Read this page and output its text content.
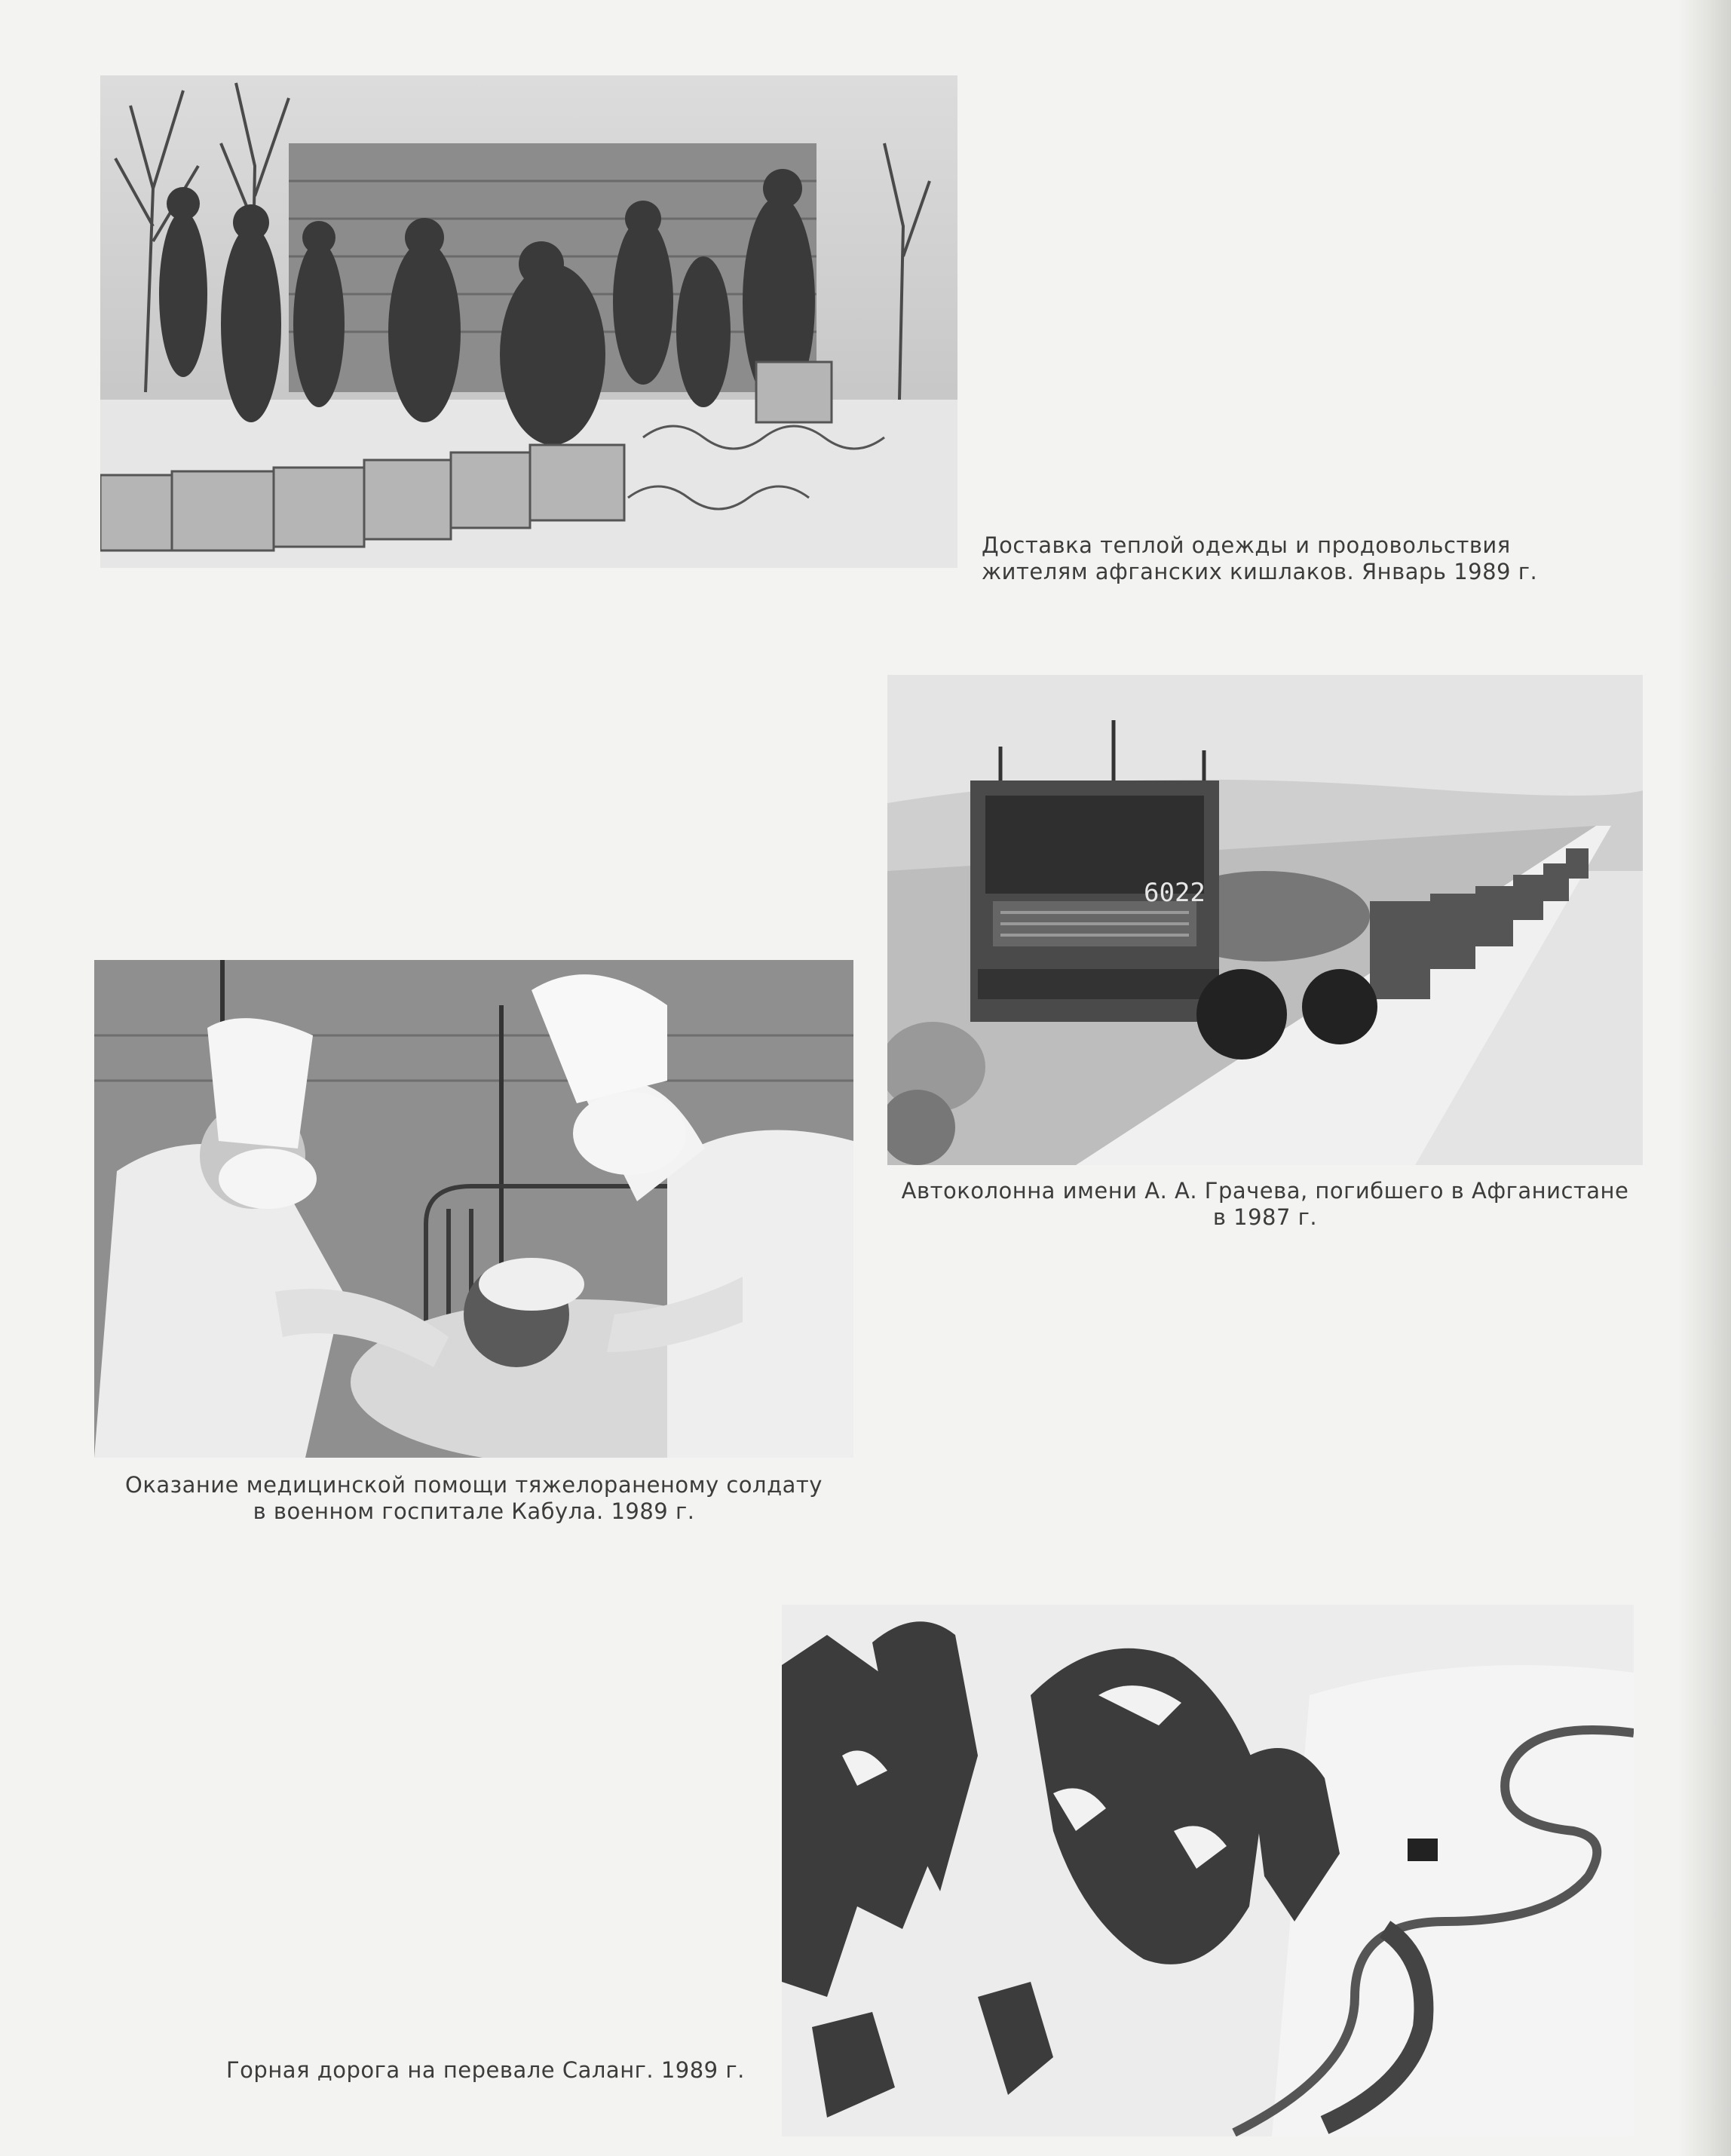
Доставка теплой одежды и продовольствия
жителям афганских кишлаков. Январь 1989 г.
6022
Автоколонна имени А. А. Грачева, погибшего в Афганистане
в 1987 г.
Оказание медицинской помощи тяжелораненому солдату
в военном госпитале Кабула. 1989 г.
Горная дорога на перевале Саланг. 1989 г.
